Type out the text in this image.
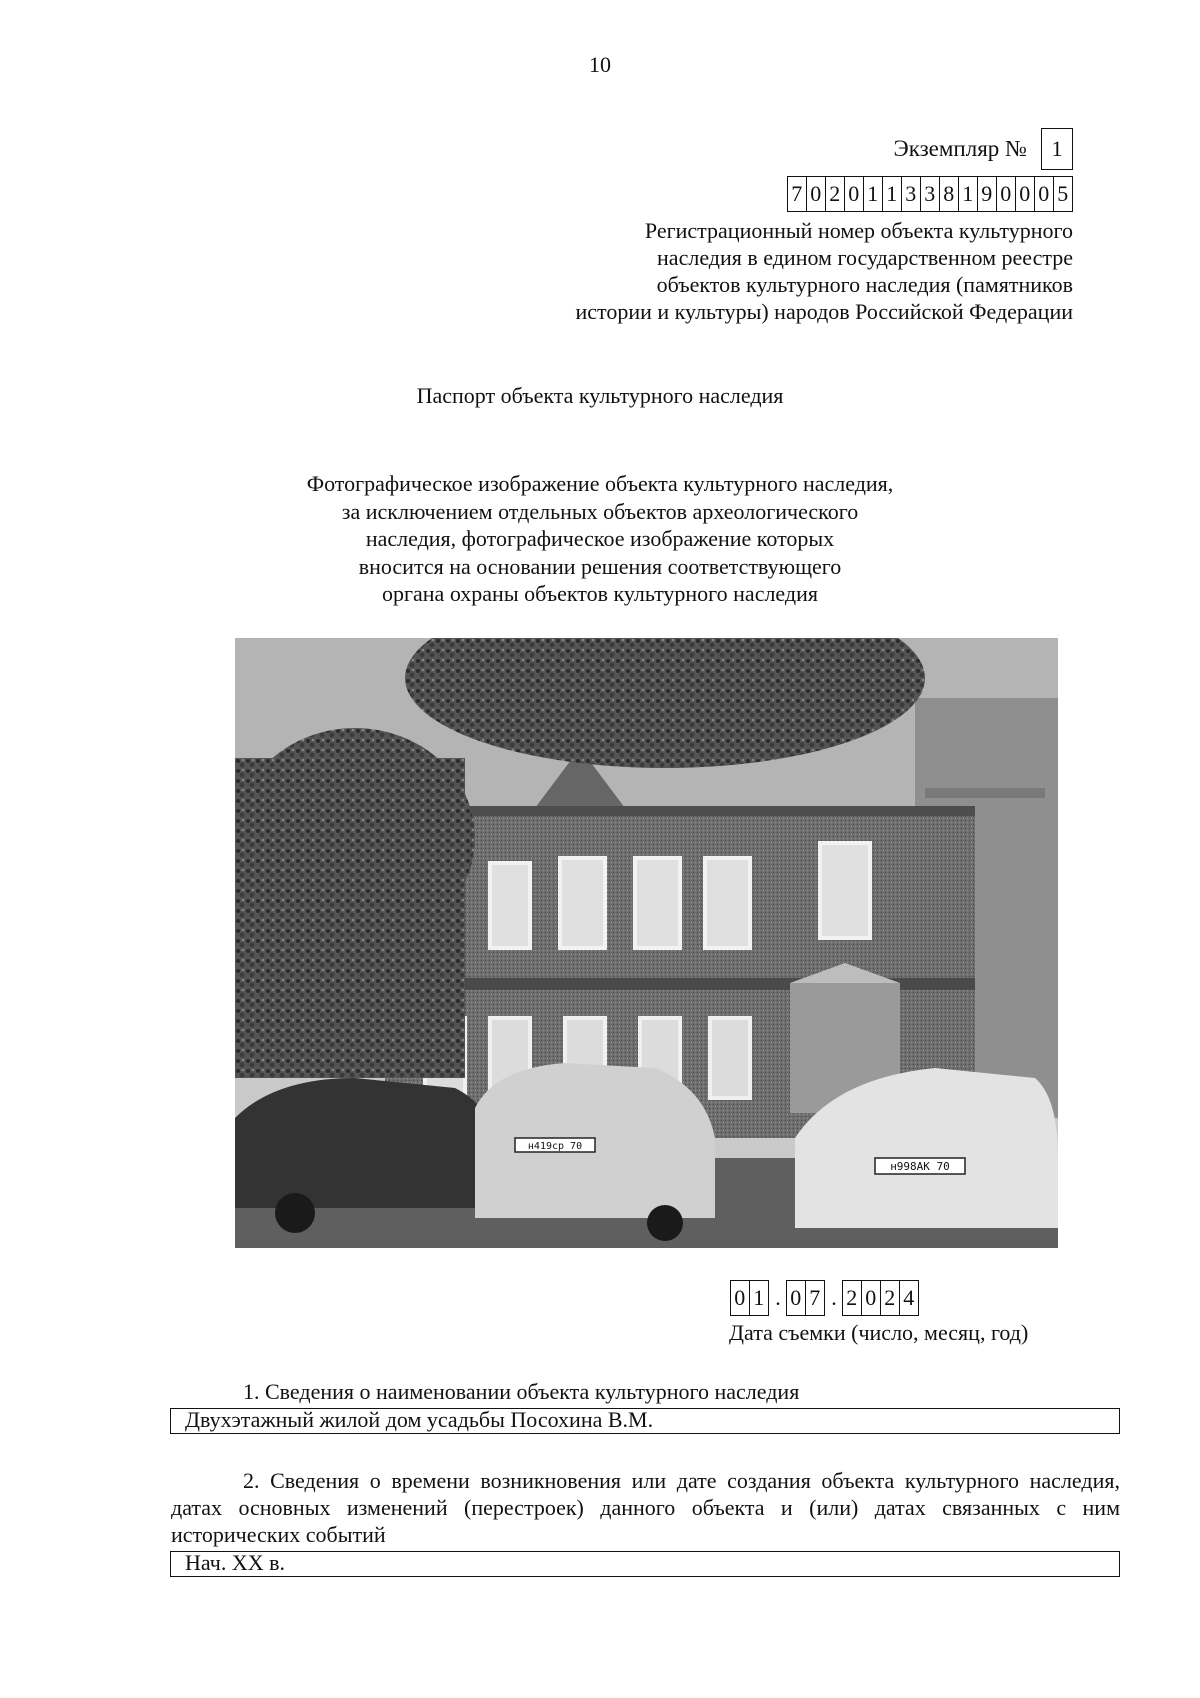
10
Экземпляр №	1
7 0 2 0 1 1 3 3 8 1 9 0 0 0 5
Регистрационный номер объекта культурного
наследия в едином государственном реестре
объектов культурного наследия (памятников
истории и культуры) народов Российской Федерации
Паспорт объекта культурного наследия
Фотографическое изображение объекта культурного наследия,
за исключением отдельных объектов археологического
наследия, фотографическое изображение которых
вносится на основании решения соответствующего
органа охраны объектов культурного наследия
н419ср 70
н998АК 70
0 1 . 0 7 . 2 0 2 4
Дата съемки (число, месяц, год)
1. Сведения о наименовании объекта культурного наследия
Двухэтажный жилой дом усадьбы Посохина В.М.
2. Сведения о времени возникновения или дате создания объекта культурного наследия, датах основных изменений (перестроек) данного объекта и (или) датах связанных с ним исторических событий
Нач. XX в.
